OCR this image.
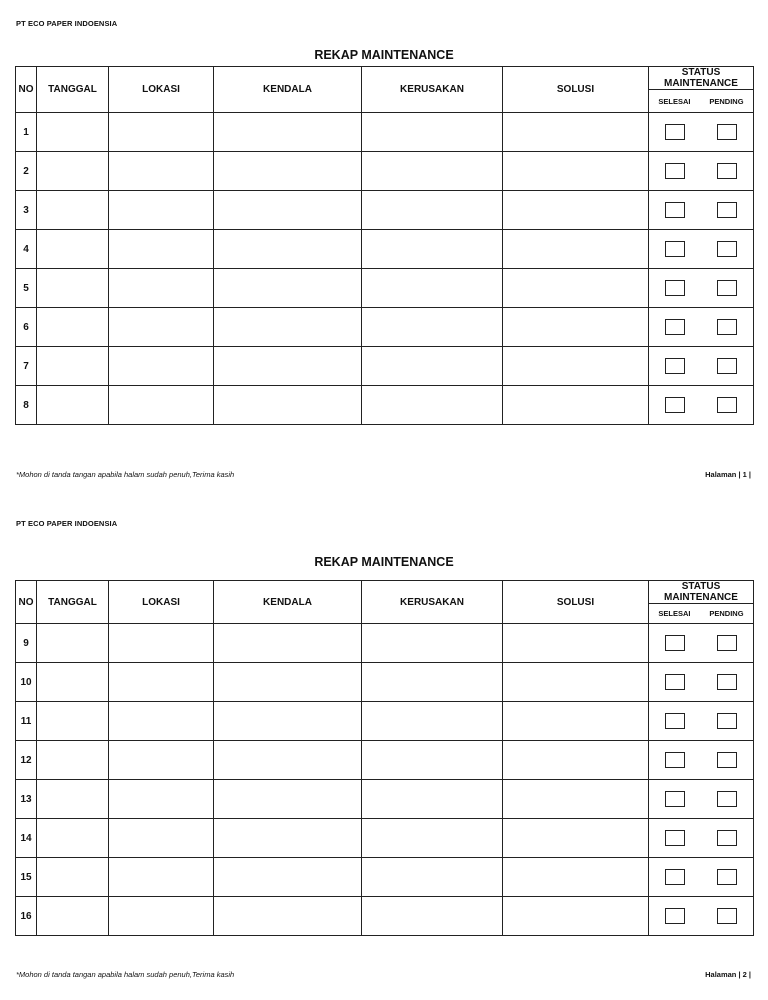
PT ECO PAPER INDOENSIA
REKAP MAINTENANCE
NO	TANGGAL	LOKASI	KENDALA	KERUSAKAN	SOLUSI	STATUS MAINTENANCE

						SELESAI PENDING

1						

2						

3						

4						

5						

6						

7						

8						
*Mohon di tanda tangan apabila halam sudah penuh,Terima kasih	Halaman | 1 |
PT ECO PAPER INDOENSIA
REKAP MAINTENANCE
NO	TANGGAL	LOKASI	KENDALA	KERUSAKAN	SOLUSI	STATUS MAINTENANCE

						SELESAI PENDING

9						

10						

11						

12						

13						

14						

15						

16						
*Mohon di tanda tangan apabila halam sudah penuh,Terima kasih	Halaman | 2 |
